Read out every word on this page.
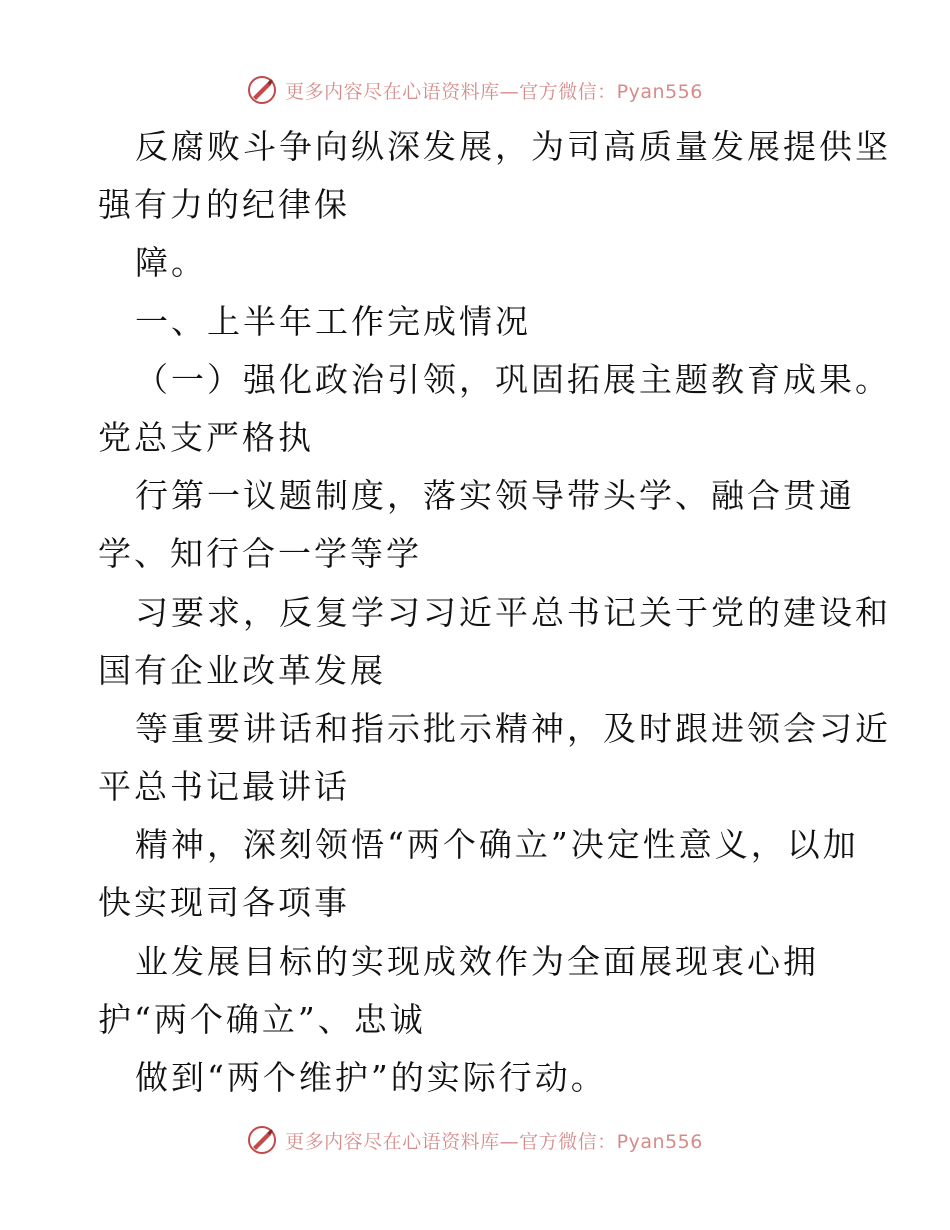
更多内容尽在心语资料库—官方微信：Pyan556
反腐败斗争向纵深发展，为司高质量发展提供坚
强有力的纪律保
障。
一、上半年工作完成情况
（一）强化政治引领，巩固拓展主题教育成果。
党总支严格执
行第一议题制度，落实领导带头学、融合贯通
学、知行合一学等学
习要求，反复学习习近平总书记关于党的建设和
国有企业改革发展
等重要讲话和指示批示精神，及时跟进领会习近
平总书记最讲话
精神，深刻领悟“两个确立”决定性意义，以加
快实现司各项事
业发展目标的实现成效作为全面展现衷心拥
护“两个确立”、忠诚
做到“两个维护”的实际行动。
更多内容尽在心语资料库—官方微信：Pyan556
